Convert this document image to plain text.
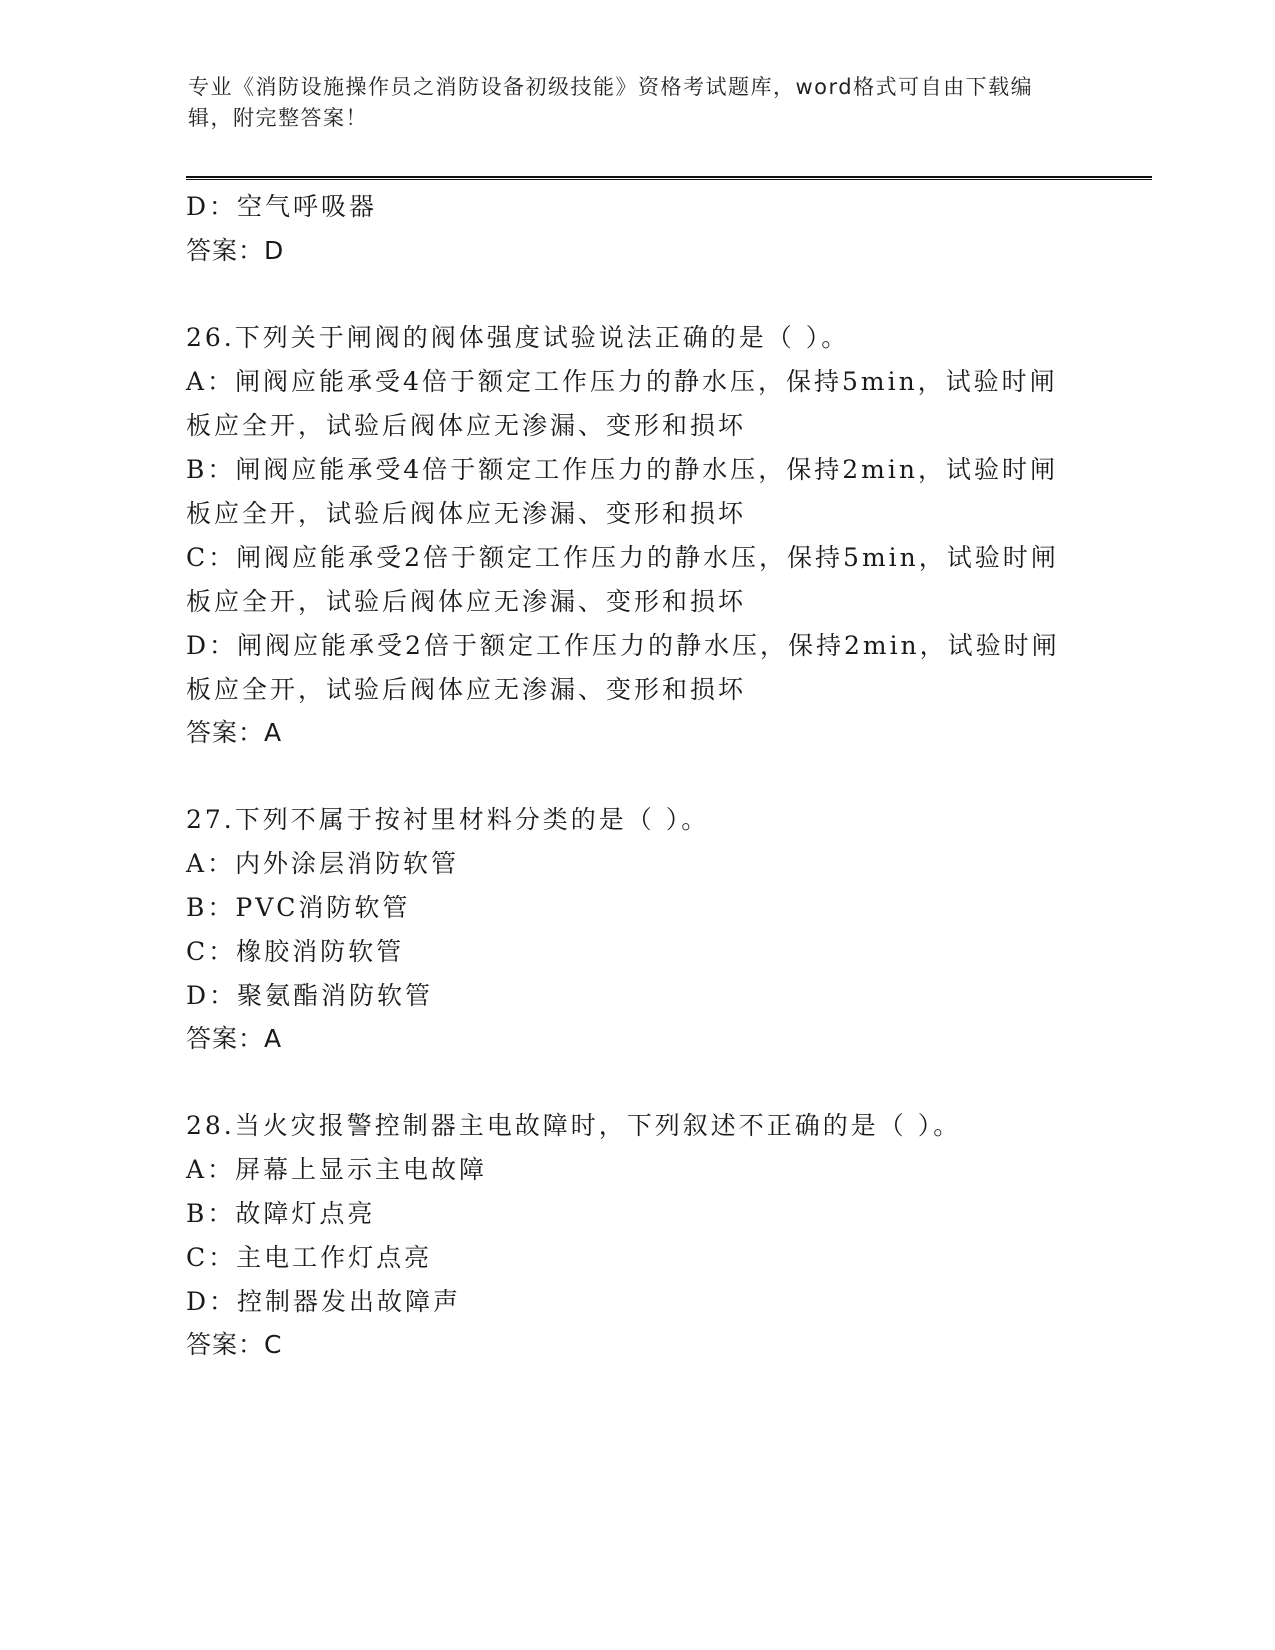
专业《消防设施操作员之消防设备初级技能》资格考试题库，word格式可自由下载编辑，附完整答案！
D：空气呼吸器
答案：D
26.下列关于闸阀的阀体强度试验说法正确的是（ ）。
A：闸阀应能承受4倍于额定工作压力的静水压，保持5min，试验时闸
板应全开，试验后阀体应无渗漏、变形和损坏
B：闸阀应能承受4倍于额定工作压力的静水压，保持2min，试验时闸
板应全开，试验后阀体应无渗漏、变形和损坏
C：闸阀应能承受2倍于额定工作压力的静水压，保持5min，试验时闸
板应全开，试验后阀体应无渗漏、变形和损坏
D：闸阀应能承受2倍于额定工作压力的静水压，保持2min，试验时闸
板应全开，试验后阀体应无渗漏、变形和损坏
答案：A
27.下列不属于按衬里材料分类的是（ ）。
A：内外涂层消防软管
B：PVC消防软管
C：橡胶消防软管
D：聚氨酯消防软管
答案：A
28.当火灾报警控制器主电故障时，下列叙述不正确的是（ ）。
A：屏幕上显示主电故障
B：故障灯点亮
C：主电工作灯点亮
D：控制器发出故障声
答案：C
